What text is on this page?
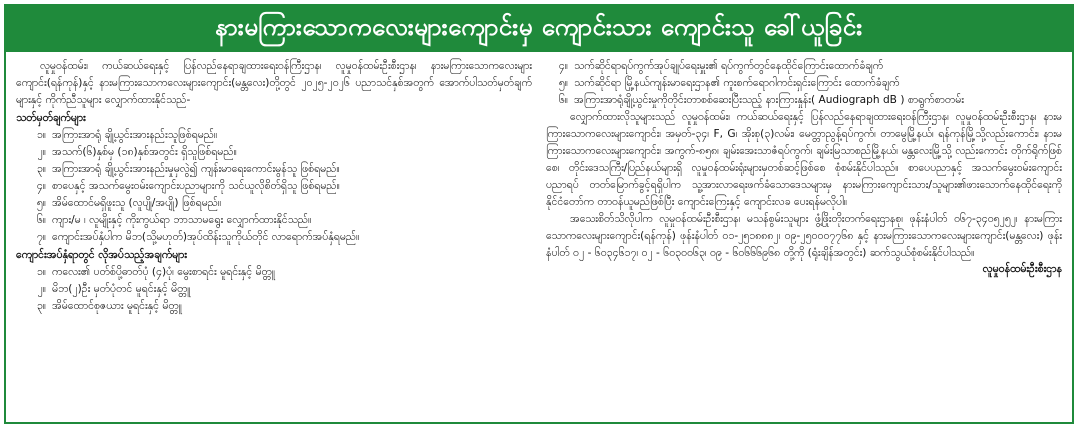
နားမကြားသောကလေးများကျောင်းမှ ကျောင်းသား ကျောင်းသူ ခေါ်ယူခြင်း

လူမှုဝန်ထမ်း၊ ကယ်ဆယ်ရေးနှင့် ပြန်လည်နေရာချထားရေးဝန်ကြီးဌာန၊ လူမှုဝန်ထမ်းဦးစီးဌာန၊ နားမကြားသောကလေးများကျောင်း(ရန်ကုန်)နှင့် နားမကြားသောကလေးများကျောင်း(မန္တလေး)တို့တွင် ၂၀၂၅-၂၀၂၆ ပညာသင်နှစ်အတွက် အောက်ပါသတ်မှတ်ချက်များနှင့် ကိုက်ညီသူများ လျှောက်ထားနိုင်သည်-

သတ်မှတ်ချက်များ
၁။ အကြားအာရုံ ချို့ယွင်းအားနည်းသူဖြစ်ရမည်။
၂။ အသက်(၆)နှစ်မှ (၁၈)နှစ်အတွင်း ရှိသူဖြစ်ရမည်။
၃။ အကြားအာရုံ ချို့ယွင်းအားနည်းမှုမှလွဲ၍ ကျန်းမာရေးကောင်းမွန်သူ ဖြစ်ရမည်။
၄။ စာပေနှင့် အသက်မွေးဝမ်းကျောင်းပညာများကို သင်ယူလိုစိတ်ရှိသူ ဖြစ်ရမည်။
၅။ အိမ်ထောင်မရှိဖူးသူ (လူပျို/အပျို) ဖြစ်ရမည်။
၆။ ကျား/မ ၊ လူမျိုးနှင့် ကိုးကွယ်ရာ ဘာသာမရွေး လျှောက်ထားနိုင်သည်။
၇။ ကျောင်းအပ်နှံပါက မိဘ(သို့မဟုတ်)အုပ်ထိန်းသူကိုယ်တိုင် လာရောက်အပ်နှံရမည်။
ကျောင်းအပ်နှံရာတွင် လိုအပ်သည့်အချက်များ
၁။ ကလေး၏ ပတ်စ်ပို့ဓာတ်ပုံ (၄)ပုံ၊ မွေးစာရင်း မူရင်းနှင့် မိတ္တူ
၂။ မိဘ(၂)ဦး မှတ်ပုံတင် မူရင်းနှင့် မိတ္တူ
၃။ အိမ်ထောင်စုဇယား မူရင်းနှင့် မိတ္တူ
၄။ သက်ဆိုင်ရာရပ်ကွက်အုပ်ချုပ်ရေးမှူး၏ ရပ်ကွက်တွင်နေထိုင်ကြောင်းထောက်ခံချက်
၅။ သက်ဆိုင်ရာ မြို့နယ်ကျန်းမာရေးဌာန၏ ကူးစက်ရောဂါကင်းရှင်းကြောင်း ထောက်ခံချက်
၆။ အကြားအာရုံချို့ယွင်းမှုကိုတိုင်းတာစစ်ဆေးပြီးသည့် နားကြားနှုန်း( Audiograph dB ) စာရွက်စာတမ်း

လျှောက်ထားလိုသူများသည် လူမှုဝန်ထမ်း၊ ကယ်ဆယ်ရေးနှင့် ပြန်လည်နေရာချထားရေးဝန်ကြီးဌာန၊ လူမှုဝန်ထမ်းဦးစီးဌာန၊ နားမကြားသောကလေးများကျောင်း၊ အမှတ်-၃၄၊ F, G၊ အိုးစု(၃)လမ်း၊ မေတ္တာညွန့်ရပ်ကွက်၊ တာမွေမြို့နယ်၊ ရန်ကုန်မြို့သို့လည်းကောင်း၊ နားမကြားသောကလေးများကျောင်း၊ အကွက်-၈၅၈၊ ချမ်းအေးသာဇံရပ်ကွက်၊ ချမ်းမြသာစည်မြို့နယ်၊ မန္တလေးမြို့သို့ လည်းကောင်း တိုက်ရိုက်ဖြစ်စေ၊ တိုင်းဒေသကြီး/ပြည်နယ်များရှိ လူမှုဝန်ထမ်းရုံးများမှတစ်ဆင့်ဖြစ်စေ စုံစမ်းနိုင်ပါသည်။ စာပေပညာနှင့် အသက်မွေးဝမ်းကျောင်းပညာရပ် တတ်မြောက်ခွင့်ရရှိပါက သူ့အားလာရေးဖက်ခံသောဒေသများမှ နားမကြားကျောင်းသား/သူများ၏ဖားသောက်နေထိုင်ရေးကို နိုင်ငံတော်က တာဝန်ယူမည်ဖြစ်ပြီး ကျောင်းကြေးနှင့် ကျောင်းလခ ပေးရန်မလိုပါ။

အသေးစိတ်သိလိုပါက လူမှုဝန်ထမ်းဦးစီးဌာန၊ မသန်စွမ်းသူများ ဖွံ့ဖြိုးတိုးတက်ရေးဌာနစု၊ ဖုန်းနံပါတ် ၀၆၇-၃၄၀၅၂၅၂၊ နားမကြားသောကလေးများကျောင်း(ရန်ကုန်) ဖုန်းနံပါတ် ၀၁-၂၅၁၈၈၈၂၊ ၀၉-၂၅၀၀၀၇၇၆၈ နှင့် နားမကြားသောကလေးများကျောင်း(မန္တလေး) ဖုန်းနံပါတ် ၀၂ - ၆၀၃၄၆၁၇၊ ၀၂ - ၆၀၃၀၀၆၃၊ ၀၉ - ၆၀၆၆၆၉၆၈ တို့ကို (ရုံးချိန်အတွင်း) ဆက်သွယ်စုံစမ်းနိုင်ပါသည်။

လူမှုဝန်ထမ်းဦးစီးဌာန
